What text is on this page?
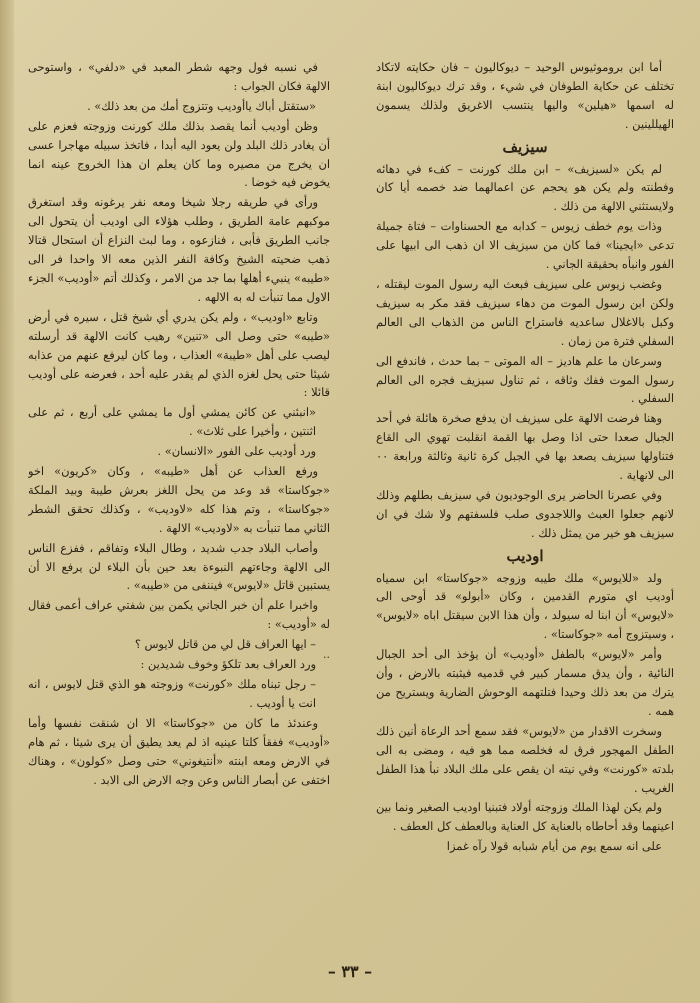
أما ابن بروموثيوس الوحيد – ديوكاليون – فان حكايته لاتكاد تختلف عن حكاية الطوفان في شيء ، وقد ترك ديوكاليون ابنة له اسمها «هيلين» واليها ينتسب الاغريق ولذلك يسمون الهيللينين .

سيزيف

لم يكن «لسيزيف» – ابن ملك كورنت – كفء في دهائه وفطنته ولم يكن هو يحجم عن اعمالهما ضد خصمه أيا كان ولايستثني الالهة من ذلك .

وذات يوم خطف زيوس – كدابه مع الحسناوات – فتاة جميلة تدعى «ايجينا» فما كان من سيزيف الا ان ذهب الى ابيها على الفور وانبأه بحقيقة الجاني .

وغضب زيوس على سيزيف فبعث اليه رسول الموت ليقتله ، ولكن ابن رسول الموت من دهاء سيزيف فقد مكر به سيزيف وكبل بالاغلال ساعديه فاستراح الناس من الذهاب الى العالم السفلي فترة من زمان .

وسرعان ما علم هاديز – اله الموتى – بما حدث ، فاندفع الى رسول الموت ففك وثاقه ، ثم تناول سيزيف فجره الى العالم السفلي .

وهنا فرضت الالهة على سيزيف ان يدفع صخرة هائلة في أحد الجبال صعدا حتى اذا وصل بها القمة انقلبت تهوي الى القاع فتناولها سيزيف يصعد بها في الجبل كرة ثانية وثالثة ورابعة ٠٠ الى لانهاية .

وفي عصرنا الحاضر يرى الوجوديون في سيزيف بطلهم وذلك لانهم جعلوا العبث واللاجدوى صلب فلسفتهم ولا شك في ان سيزيف هو خير من يمثل ذلك .

اوديب

ولد «للايوس» ملك طيبه وزوجه «جوكاستا» ابن سمياه أوديب اي متورم القدمين ، وكان «أبولو» قد أوحى الى «لايوس» أن ابنا له سيولد ، وأن هذا الابن سيقتل اباه «لايوس» ، وسيتزوج أمه «جوكاستا» .

وأمر «لايوس» بالطفل «أوديب» أن يؤخذ الى أحد الجبال النائية ، وأن يدق مسمار كبير في قدميه فيثبته بالارض ، وأن يترك من بعد ذلك وحيدا فتلتهمه الوحوش الضارية ويستريح من همه .

وسخرت الاقدار من «لايوس» فقد سمع أحد الرعاة أنين ذلك الطفل المهجور فرق له فخلصه مما هو فيه ، ومضى به الى بلدته «كورنت» وفي نيته ان يقص على ملك البلاد نبأ هذا الطفل الغريب .

ولم يكن لهذا الملك وزوجته أولاد فتبنيا اوديب الصغير ونما بين اعينهما وقد أحاطاه بالعناية كل العناية وبالعطف كل العطف .

على انه سمع يوم من أيام شبابه قولا رآه غمزا

في نسبه فول وجهه شطر المعبد في «دلفي» ، واستوحى الالهة فكان الجواب :

«ستقتل أباك ياأوديب وتتزوج أمك من بعد ذلك» .

وظن أوديب أنما يقصد بذلك ملك كورنت وزوجته فعزم على أن يغادر ذلك البلد ولن يعود اليه أبدا ، فاتخذ سبيله مهاجرا عسى ان يخرج من مصيره وما كان يعلم ان هذا الخروج عينه انما يخوض فيه خوضا .

ورأى في طريقه رجلا شيخا ومعه نفر يرغونه وقد استغرق موكبهم عامة الطريق ، وطلب هؤلاء الى اوديب أن يتحول الى جانب الطريق فأبى ، فنازعوه ، وما لبث النزاع أن استحال قتالا ذهب ضحيته الشيخ وكافة النفر الذين معه الا واحدا فر الى «طيبه» ينبيء أهلها بما جد من الامر ، وكذلك أتم «أوديب» الجزء الاول مما تنبأت له به الالهه .

وتابع «اوديب» ، ولم يكن يدري أي شيخ قتل ، سيره في أرض «طيبه» حتى وصل الى «تنين» رهيب كانت الالهة قد أرسلته ليصب على أهل «طيبة» العذاب ، وما كان ليرفع عنهم من عذابه شيئا حتى يحل لغزه الذي لم يقدر عليه أحد ، فعرضه على أوديب قائلا :

«انبئني عن كائن يمشي أول ما يمشي على أربع ، ثم على اثنتين ، وأخيرا على ثلاث» .

ورد أوديب على الفور «الانسان» .

ورفع العذاب عن أهل «طيبه» ، وكان «كريون» اخو «جوكاستا» قد وعد من يحل اللغز بعرش طيبة وبيد الملكة «جوكاستا» ، وتم هذا كله «لاوديب» ، وكذلك تحقق الشطر الثاني مما تنبأت به «لاوديب» الالهة .

وأصاب البلاد جدب شديد ، وطال البلاء وتفاقم ، ففزع الناس الى الالهة وجاءتهم النبوءة بعد حين بأن البلاء لن يرفع الا أن يستبين قاتل «لايوس» فيننفى من «طيبه» .

واخبرا علم أن خبر الجاني يكمن بين شفتي عراف أعمى فقال له «أوديب» :

– ايها العراف قل لي من قاتل لايوس ؟

ورد العراف بعد تلكؤ وخوف شديدين :

– رجل تبناه ملك «كورنت» وزوجته هو الذي قتل لايوس ، انه انت يا أوديب .

وعندئذ ما كان من «جوكاستا» الا ان شنقت نفسها وأما «أوديب» ففقأ كلتا عينيه اذ لم يعد يطيق أن يرى شيئا ، ثم هام في الارض ومعه ابنته «أنتيغوني» حتى وصل «كولون» ، وهناك اختفى عن أبصار الناس وعن وجه الارض الى الابد .

..
– ٣٣ –
